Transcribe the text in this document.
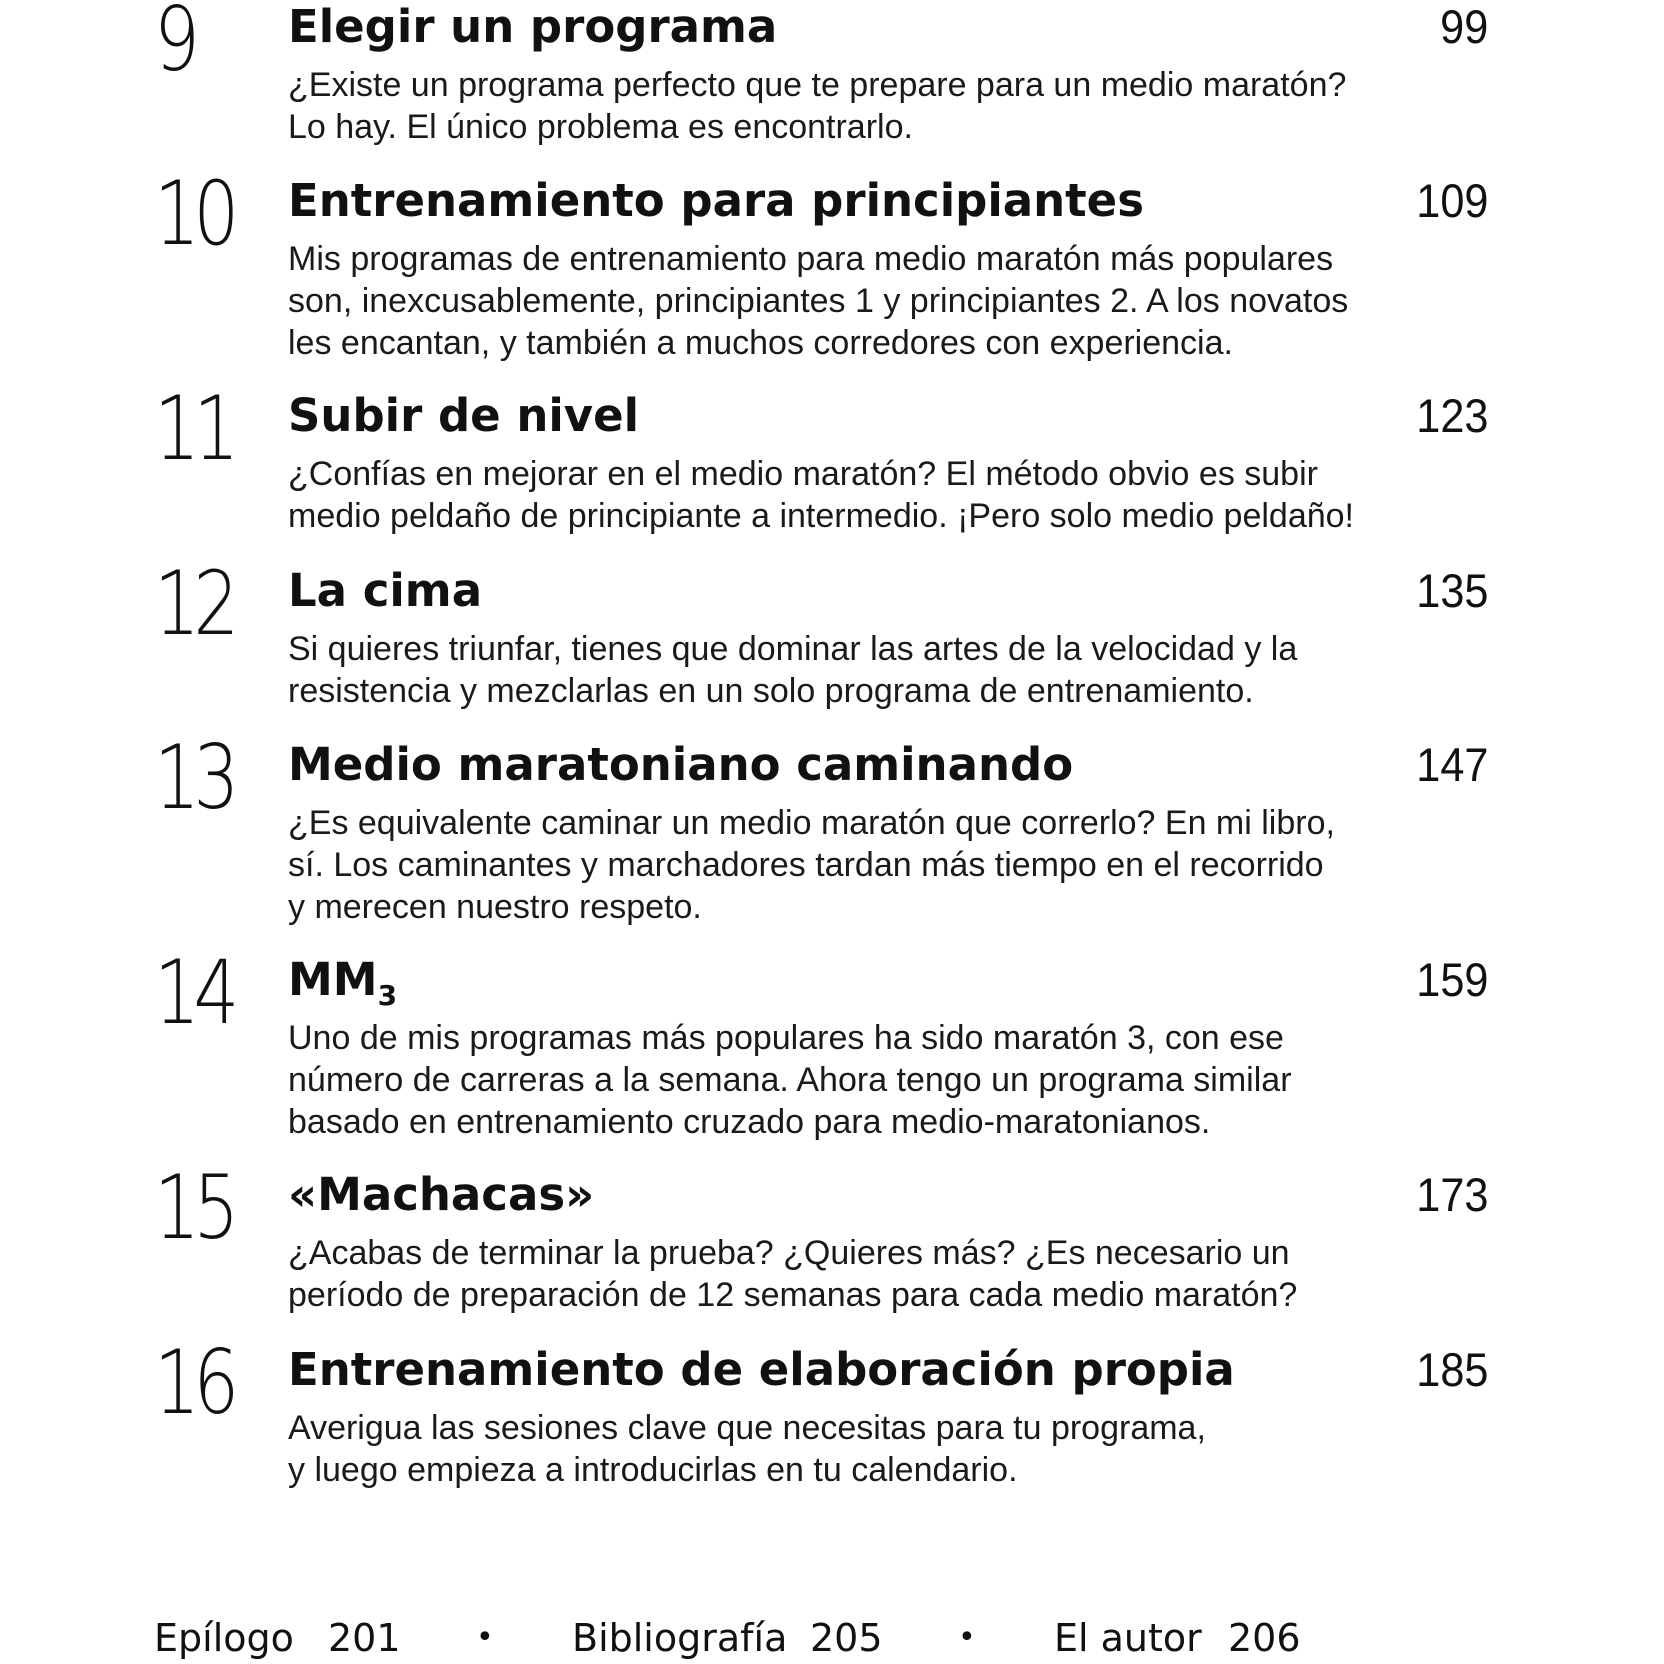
9 Elegir un programa	99

¿Existe un programa perfecto que te prepare para un medio maratón?
Lo hay. El único problema es encontrarlo.

10 Entrenamiento para principiantes	109

Mis programas de entrenamiento para medio maratón más populares
son, inexcusablemente, principiantes 1 y principiantes 2. A los novatos
les encantan, y también a muchos corredores con experiencia.

11 Subir de nivel	123

¿Confías en mejorar en el medio maratón? El método obvio es subir
medio peldaño de principiante a intermedio. ¡Pero solo medio peldaño!

12 La cima	135

Si quieres triunfar, tienes que dominar las artes de la velocidad y la
resistencia y mezclarlas en un solo programa de entrenamiento.

13 Medio maratoniano caminando	147

¿Es equivalente caminar un medio maratón que correrlo? En mi libro,
sí. Los caminantes y marchadores tardan más tiempo en el recorrido
y merecen nuestro respeto.

14 $MM_3$	159

Uno de mis programas más populares ha sido maratón 3, con ese
número de carreras a la semana. Ahora tengo un programa similar
basado en entrenamiento cruzado para medio-maratonianos.

15 «Machacas»	173

¿Acabas de terminar la prueba? ¿Quieres más? ¿Es necesario un
período de preparación de 12 semanas para cada medio maratón?

16 Entrenamiento de elaboración propia	185

Averigua las sesiones clave que necesitas para tu programa,
y luego empieza a introducirlas en tu calendario.

Epílogo 201	• Bibliografía 205	• El autor 206
